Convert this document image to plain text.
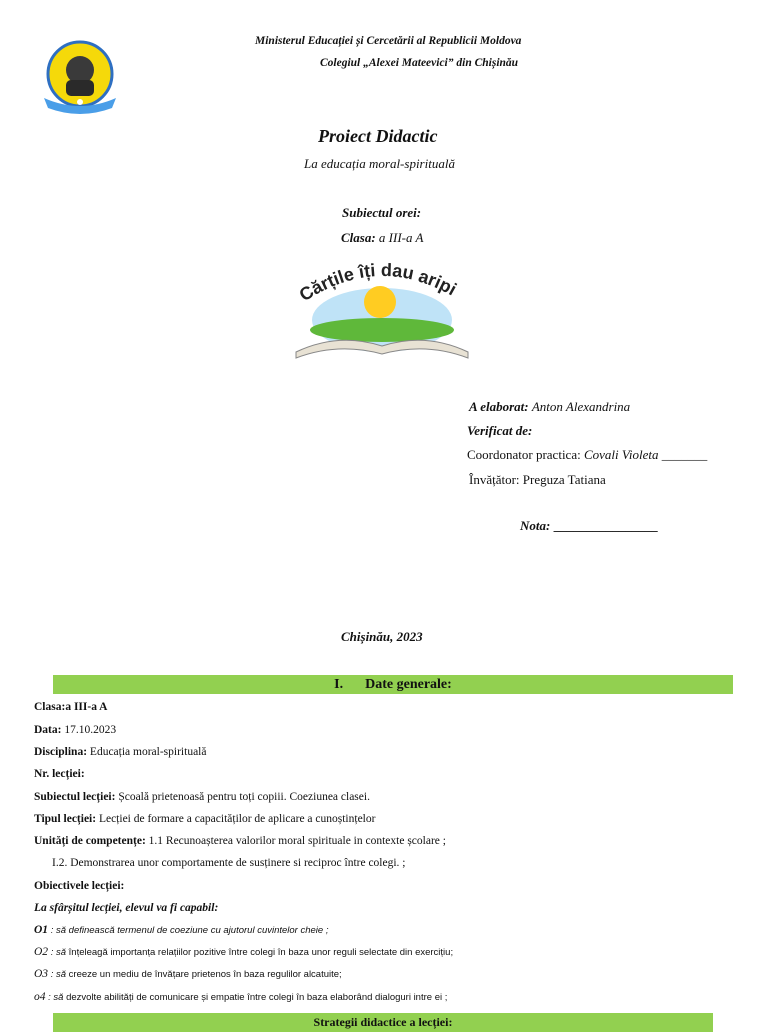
Ministerul Educației și Cercetării al Republicii Moldova
Colegiul „Alexei Mateevici” din Chișinău
Proiect Didactic
La educația moral-spirituală
Subiectul orei:
Clasa: a III-a A
Cărțile îți dau aripi
A elaborat: Anton Alexandrina
Verificat de:
Coordonator practica: Covali Violeta _______
Învățător: Preguza Tatiana
Nota: ________________
Chișinău, 2023
I. Date generale:
Clasa:a III-a A
Data: 17.10.2023
Disciplina: Educația moral-spirituală
Nr. lecției:
Subiectul lecției: Școală prietenoasă pentru toți copiii. Coeziunea clasei.
Tipul lecției: Lecției de formare a capacităților de aplicare a cunoștințelor
Unități de competențe: 1.1 Recunoașterea valorilor moral spirituale in contexte școlare ;
I.2. Demonstrarea unor comportamente de susținere si reciproc între colegi. ;
Obiectivele lecției:
La sfârșitul lecției, elevul va fi capabil:
O1 : să definească termenul de coeziune cu ajutorul cuvintelor cheie ;
O2 : să înțeleagă importanța relațiilor pozitive între colegi în baza unor reguli selectate din exercițiu;
O3 : să creeze un mediu de învățare prietenos în baza regulilor alcatuite;
o4 : să dezvolte abilități de comunicare și empatie între colegi în baza elaborând dialoguri intre ei ;
Strategii didactice a lecției:
